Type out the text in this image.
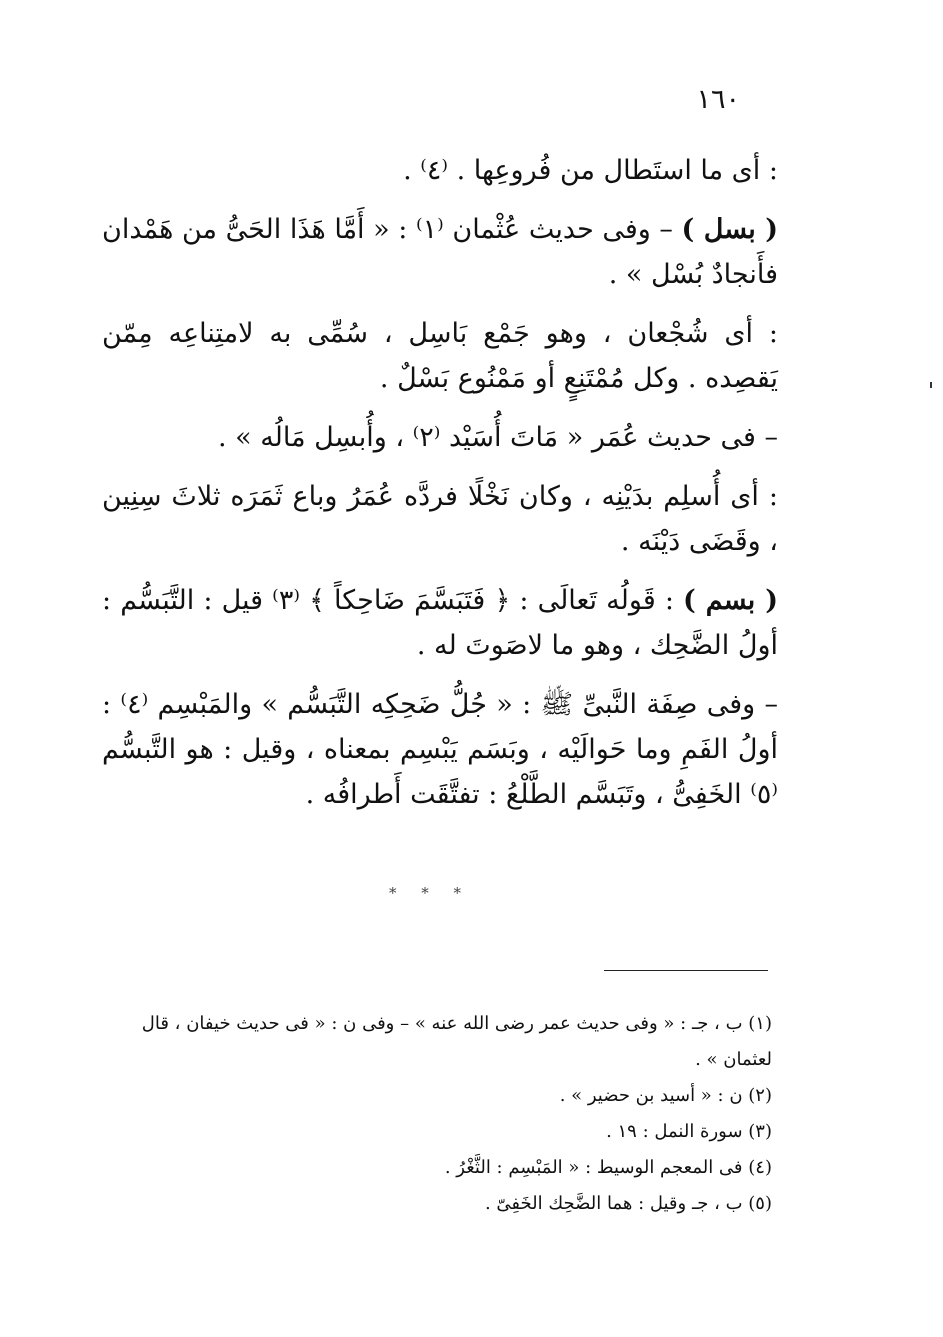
١٦٠

: أى ما استَطال من فُروعِها . ⁽٤⁾ .

( بسل ) – وفى حديث عُثْمان ⁽١⁾ : « أَمَّا هَذَا الحَىُّ من هَمْدان فأَنجادٌ بُسْل » .

: أى شُجْعان ، وهو جَمْع بَاسِل ، سُمِّى به لامتِناعِه مِمّن يَقصِده . وكل مُمْتَنِعٍ أو مَمْنُوع بَسْلٌ .

– فى حديث عُمَر « مَاتَ أُسَيْد ⁽٢⁾ ، وأُبسِل مَالُه » .

: أى أُسلِم بدَيْنِه ، وكان نَخْلًا فردَّه عُمَرُ وباع ثَمَرَه ثلاثَ سِنِين ، وقَضَى دَيْنَه .

( بسم ) : قَولُه تَعالَى : ﴿ فَتَبَسَّمَ ضَاحِكاً ﴾ ⁽٣⁾ قيل : التَّبَسُّم : أولُ الضَّحِك ، وهو ما لاصَوتَ له .

– وفى صِفَة النَّبىِّ ﷺ : « جُلُّ ضَحِكِه التَّبَسُّم » والمَبْسِم ⁽٤⁾ : أولُ الفَمِ وما حَوالَيْه ، وبَسَم يَبْسِم بمعناه ، وقيل : هو التَّبسُّم ⁽٥⁾ الخَفِىُّ ، وتَبَسَّم الطَّلْعُ : تفتَّقَت أَطرافُه .

* * *

(١) ب ، جـ : « وفى حديث عمر رضى الله عنه » – وفى ن : « فى حديث خيفان ، قال لعثمان » .

(٢) ن : « أسيد بن حضير » .

(٣) سورة النمل : ١٩ .

(٤) فى المعجم الوسيط : « المَبْسِم : الثَّغْرُ .

(٥) ب ، جـ وقيل : هما الضَّحِك الخَفِىّ .
